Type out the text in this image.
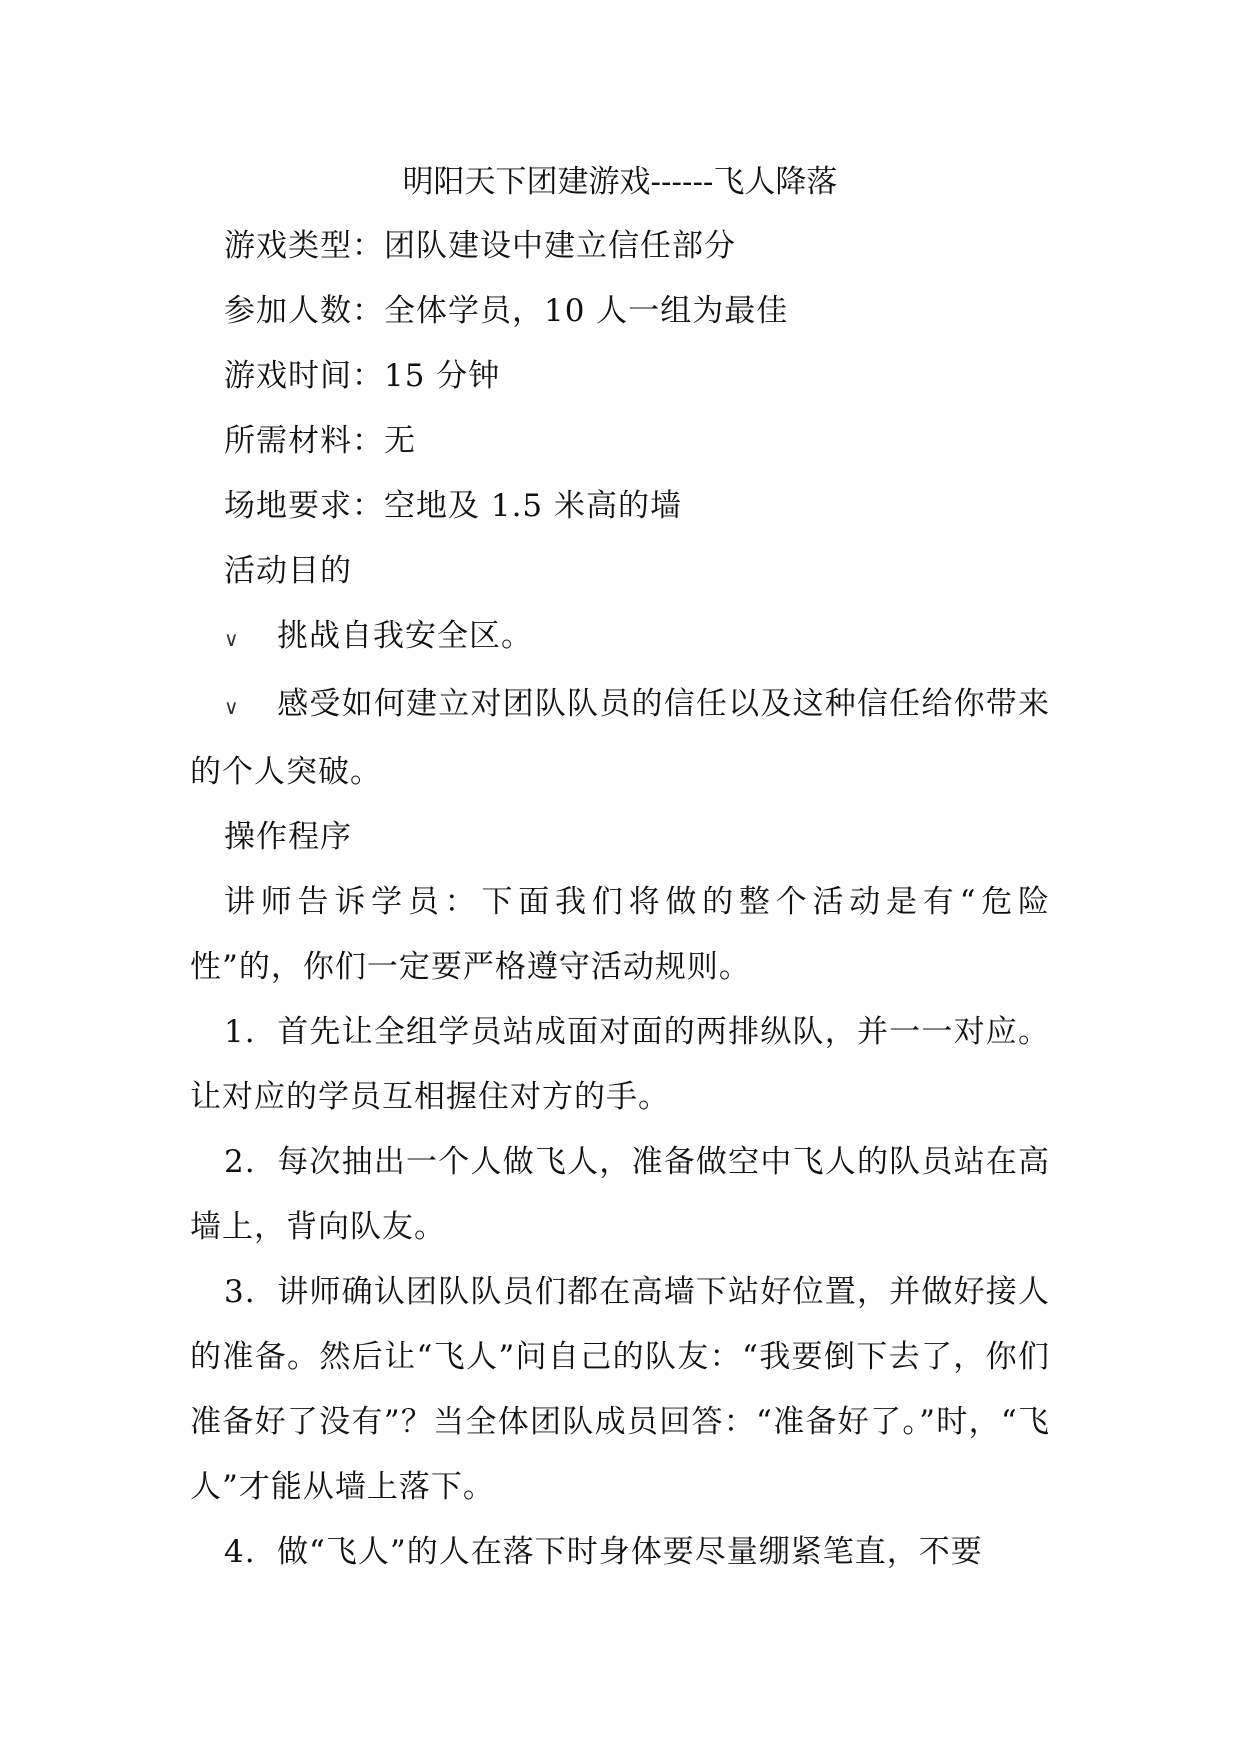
明阳天下团建游戏------飞人降落

游戏类型：团队建设中建立信任部分

参加人数：全体学员，10 人一组为最佳

游戏时间：15 分钟

所需材料：无

场地要求：空地及 1.5 米高的墙

活动目的

∨ 挑战自我安全区。

∨ 感受如何建立对团队队员的信任以及这种信任给你带来的个人突破。

操作程序

讲师告诉学员：下面我们将做的整个活动是有“危险性”的，你们一定要严格遵守活动规则。

1. 首先让全组学员站成面对面的两排纵队，并一一对应。让对应的学员互相握住对方的手。

2. 每次抽出一个人做飞人，准备做空中飞人的队员站在高墙上，背向队友。

3. 讲师确认团队队员们都在高墙下站好位置，并做好接人的准备。然后让“飞人”问自己的队友：“我要倒下去了，你们准备好了没有”？当全体团队成员回答：“准备好了。”时，“飞人”才能从墙上落下。

4. 做“飞人”的人在落下时身体要尽量绷紧笔直，不要
